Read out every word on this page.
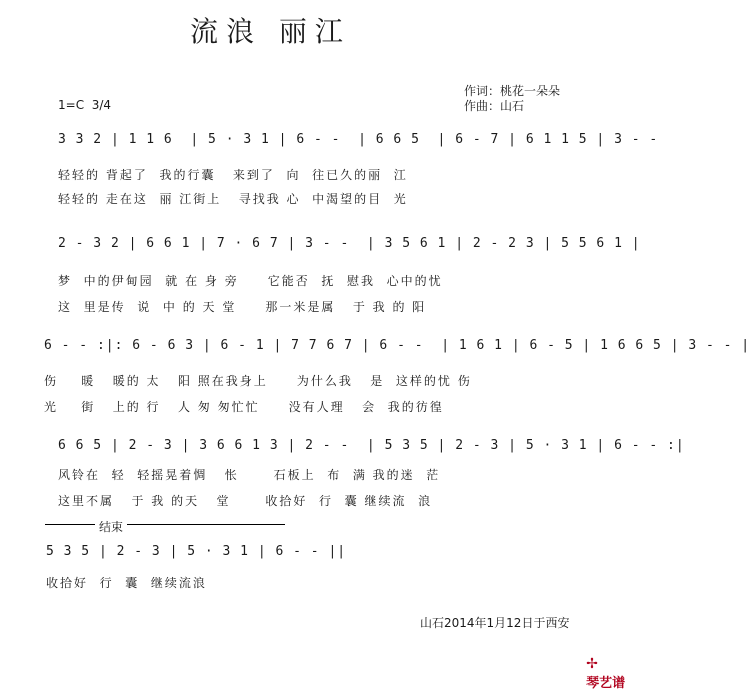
流浪 丽江
作词：桃花一朵朵
作曲：山石
1=C  3/4
3 3 2 | 1 1 6  | 5 · 3 1 | 6 - -  | 6 6 5  | 6 - 7 | 6 1 1 5 | 3 - -
轻轻的 背起了  我的行囊   来到了  向  往已久的丽  江
轻轻的 走在这  丽 江街上   寻找我 心  中渴望的目  光
2 - 3 2 | 6 6 1 | 7 · 6 7 | 3 - -  | 3 5 6 1 | 2 - 2 3 | 5 5 6 1 |
梦  中的伊甸园  就 在 身 旁     它能否  抚  慰我  心中的忧
这  里是传  说  中 的 天 堂     那一米是属   于 我 的 阳
6 - - :|: 6 - 6 3 | 6 - 1 | 7 7 6 7 | 6 - -  | 1 6 1 | 6 - 5 | 1 6 6 5 | 3 - - |
伤    暖   暖的 太   阳 照在我身上     为什么我   是  这样的忧 伤
光    街   上的 行   人 匆 匆忙忙     没有人理   会  我的彷徨
6 6 5 | 2 - 3 | 3 6 6 1 3 | 2 - -  | 5 3 5 | 2 - 3 | 5 · 3 1 | 6 - - :|
风铃在  轻  轻摇晃着惆   怅      石板上  布  满 我的迷  茫
这里不属   于 我 的天   堂      收拾好  行  囊 继续流  浪
结束
5 3 5 | 2 - 3 | 5 · 3 1 | 6 - - ||
收拾好  行  囊  继续流浪
山石2014年1月12日于西安

✢
琴艺谱
